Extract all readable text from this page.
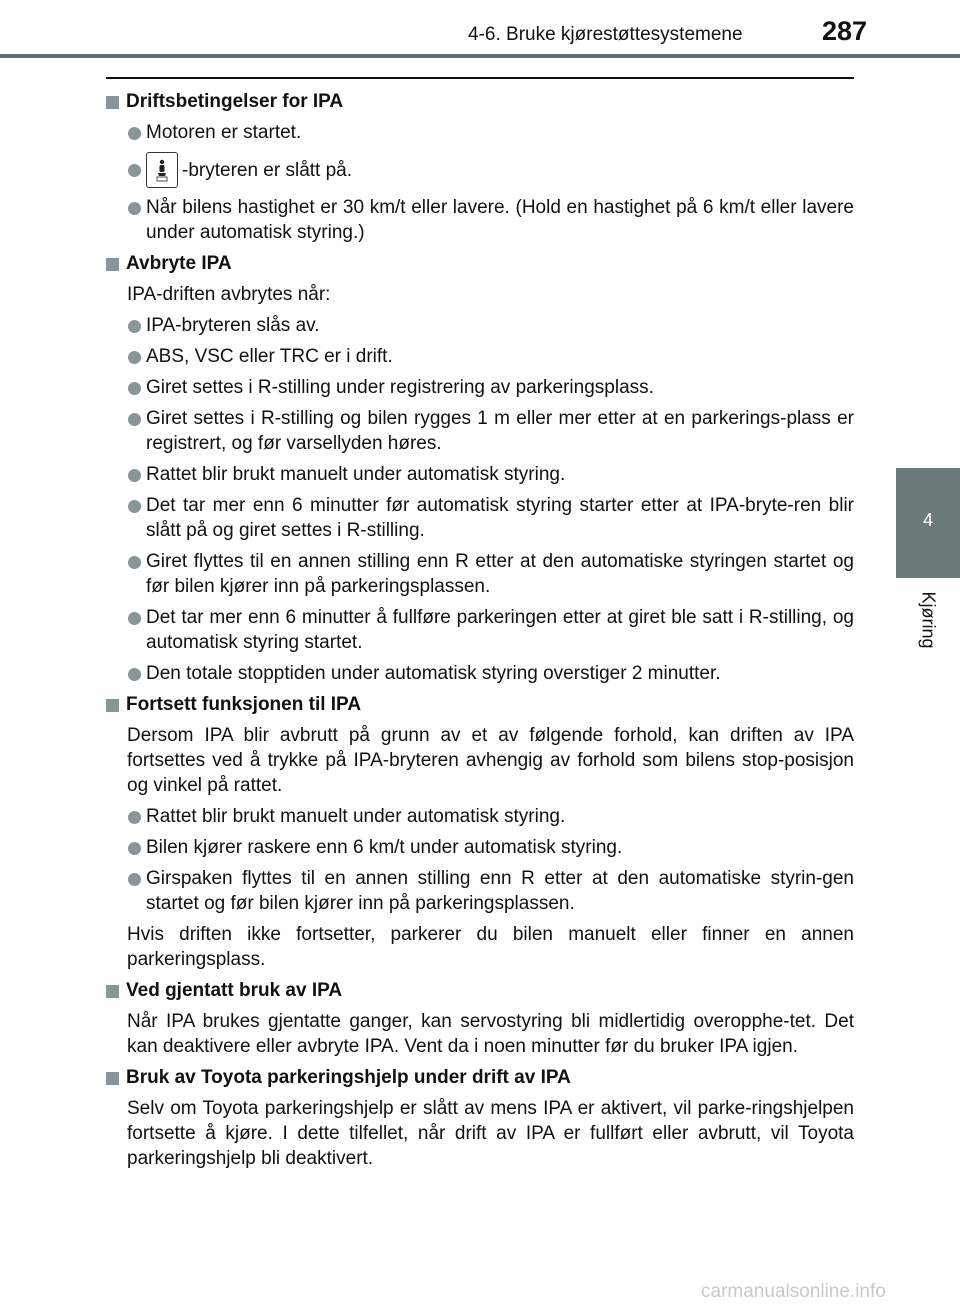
4-6. Bruke kjørestøttesystemene	287
4
Kjøring
Driftsbetingelser for IPA
Motoren er startet.
-bryteren er slått på.
Når bilens hastighet er 30 km/t eller lavere. (Hold en hastighet på 6 km/t eller lavere under automatisk styring.)
Avbryte IPA
IPA-driften avbrytes når:
IPA-bryteren slås av.
ABS, VSC eller TRC er i drift.
Giret settes i R-stilling under registrering av parkeringsplass.
Giret settes i R-stilling og bilen rygges 1 m eller mer etter at en parkerings-plass er registrert, og før varsellyden høres.
Rattet blir brukt manuelt under automatisk styring.
Det tar mer enn 6 minutter før automatisk styring starter etter at IPA-bryte-ren blir slått på og giret settes i R-stilling.
Giret flyttes til en annen stilling enn R etter at den automatiske styringen startet og før bilen kjører inn på parkeringsplassen.
Det tar mer enn 6 minutter å fullføre parkeringen etter at giret ble satt i R-stilling, og automatisk styring startet.
Den totale stopptiden under automatisk styring overstiger 2 minutter.
Fortsett funksjonen til IPA
Dersom IPA blir avbrutt på grunn av et av følgende forhold, kan driften av IPA fortsettes ved å trykke på IPA-bryteren avhengig av forhold som bilens stop-posisjon og vinkel på rattet.
Rattet blir brukt manuelt under automatisk styring.
Bilen kjører raskere enn 6 km/t under automatisk styring.
Girspaken flyttes til en annen stilling enn R etter at den automatiske styrin-gen startet og før bilen kjører inn på parkeringsplassen.
Hvis driften ikke fortsetter, parkerer du bilen manuelt eller finner en annen parkeringsplass.
Ved gjentatt bruk av IPA
Når IPA brukes gjentatte ganger, kan servostyring bli midlertidig overopphe-tet. Det kan deaktivere eller avbryte IPA. Vent da i noen minutter før du bruker IPA igjen.
Bruk av Toyota parkeringshjelp under drift av IPA
Selv om Toyota parkeringshjelp er slått av mens IPA er aktivert, vil parke-ringshjelpen fortsette å kjøre. I dette tilfellet, når drift av IPA er fullført eller avbrutt, vil Toyota parkeringshjelp bli deaktivert.
carmanualsonline.info
